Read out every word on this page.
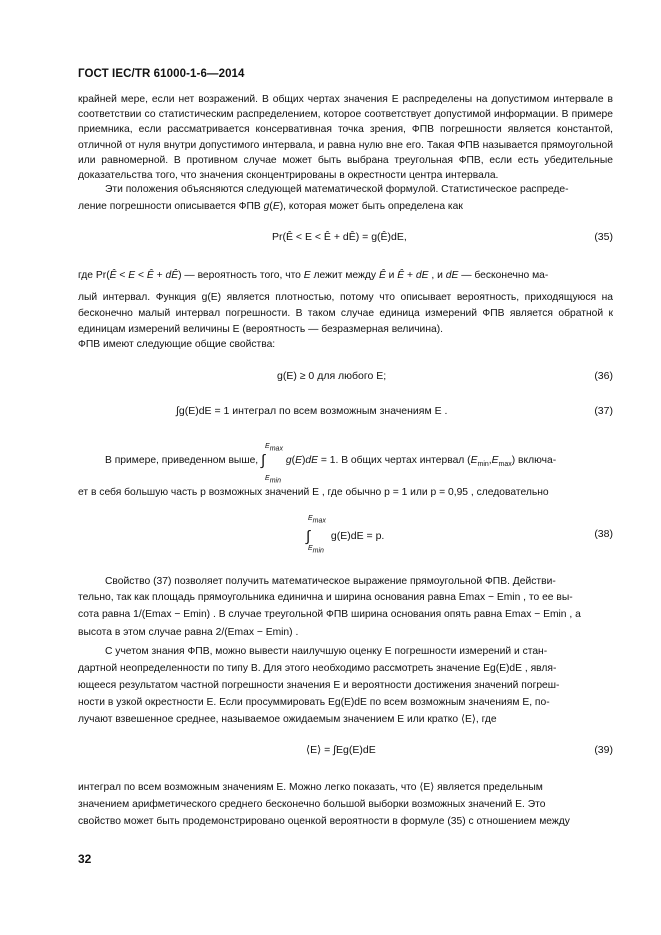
ГОСТ IEC/TR 61000-1-6—2014
крайней мере, если нет возражений. В общих чертах значения E распределены на допустимом интервале в соответствии со статистическим распределением, которое соответствует допустимой информации. В примере приемника, если рассматривается консервативная точка зрения, ФПВ погрешности является константой, отличной от нуля внутри допустимого интервала, и равна нулю вне его. Такая ФПВ называется прямоугольной или равномерной. В противном случае может быть выбрана треугольная ФПВ, если есть убедительные доказательства того, что значения сконцентрированы в окрестности центра интервала.
Эти положения объясняются следующей математической формулой. Статистическое распреде-
ление погрешности описывается ФПВ g(E), которая может быть определена как
Pr(Ê < E < Ê + dÊ) = g(Ê)dE,	(35)
где Pr(Ê < E < Ê + dÊ) — вероятность того, что E лежит между Ê и Ê + dE , и dE — бесконечно ма-
лый интервал. Функция g(E) является плотностью, потому что описывает вероятность, приходящуюся на бесконечно малый интервал погрешности. В таком случае единица измерений ФПВ является обратной к единицам измерений величины E (вероятность — безразмерная величина).
ФПВ имеют следующие общие свойства:
g(E) ≥ 0 для любого E;	(36)
∫g(E)dE = 1 интеграл по всем возможным значениям E .	(37)
В примере, приведенном выше,
$E_{max}$
∫
$E_{min}$
g(E)dE = 1. В общих чертах интервал $(E_{min},E_{max})$ включа-
ет в себя большую часть p возможных значений E , где обычно p = 1 или p = 0,95 , следовательно
$E_{max}$
∫
$E_{min}$
g(E)dE = p.	(38)
Свойство (37) позволяет получить математическое выражение прямоугольной ФПВ. Действи-
тельно, так как площадь прямоугольника единична и ширина основания равна Emax − Emin , то ее вы-
сота равна 1/(Emax − Emin) . В случае треугольной ФПВ ширина основания опять равна Emax − Emin , а
высота в этом случае равна 2/(Emax − Emin) .
С учетом знания ФПВ, можно вывести наилучшую оценку E погрешности измерений и стан-
дартной неопределенности по типу В. Для этого необходимо рассмотреть значение Eg(E)dE , явля-
ющееся результатом частной погрешности значения E и вероятности достижения значений погреш-
ности в узкой окрестности E. Если просуммировать Eg(E)dE по всем возможным значениям E, по-
лучают взвешенное среднее, называемое ожидаемым значением E или кратко ⟨E⟩, где
⟨E⟩ = ∫Eg(E)dE	(39)
интеграл по всем возможным значениям E. Можно легко показать, что ⟨E⟩ является предельным
значением арифметического среднего бесконечно большой выборки возможных значений E. Это
свойство может быть продемонстрировано оценкой вероятности в формуле (35) с отношением между
32
